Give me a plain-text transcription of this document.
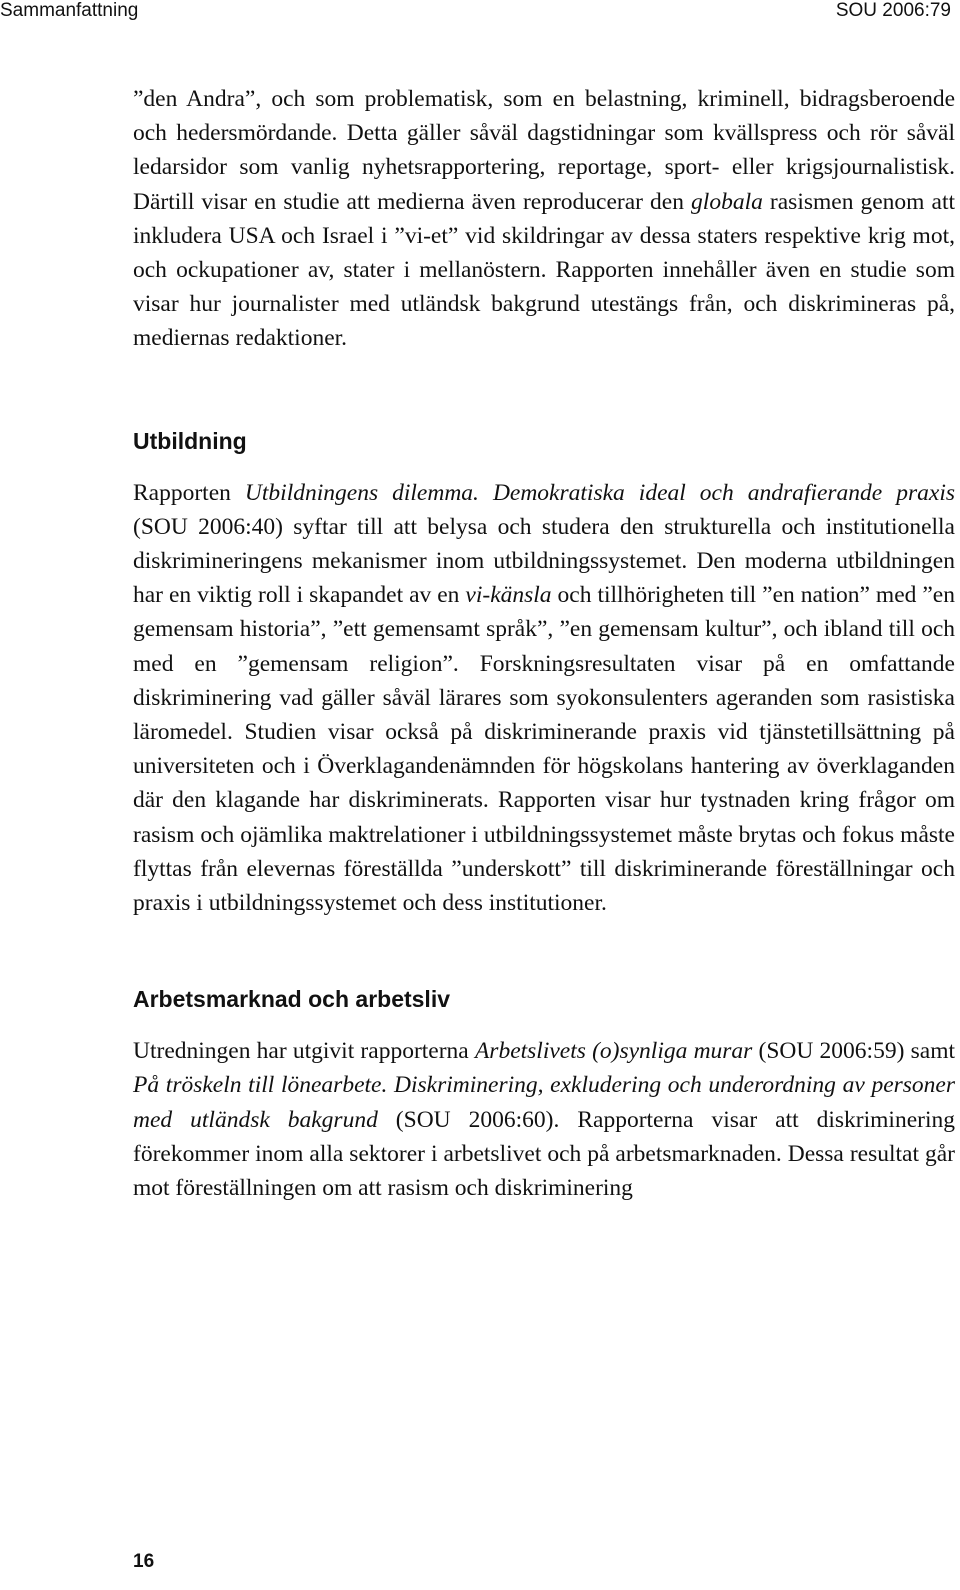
Sammanfattning	SOU 2006:79

”den Andra”, och som problematisk, som en belastning, kriminell, bidragsberoende och hedersmördande. Detta gäller såväl dagstidningar som kvällspress och rör såväl ledarsidor som vanlig nyhetsrapportering, reportage, sport- eller krigsjournalistisk. Därtill visar en studie att medierna även reproducerar den globala rasismen genom att inkludera USA och Israel i ”vi-et” vid skildringar av dessa staters respektive krig mot, och ockupationer av, stater i mellanöstern. Rapporten innehåller även en studie som visar hur journalister med utländsk bakgrund utestängs från, och diskrimineras på, mediernas redaktioner.

Utbildning

Rapporten Utbildningens dilemma. Demokratiska ideal och andrafierande praxis (SOU 2006:40) syftar till att belysa och studera den strukturella och institutionella diskrimineringens mekanismer inom utbildningssystemet. Den moderna utbildningen har en viktig roll i skapandet av en vi-känsla och tillhörigheten till ”en nation” med ”en gemensam historia”, ”ett gemensamt språk”, ”en gemensam kultur”, och ibland till och med en ”gemensam religion”. Forskningsresultaten visar på en omfattande diskriminering vad gäller såväl lärares som syokonsulenters ageranden som rasistiska läromedel. Studien visar också på diskriminerande praxis vid tjänstetillsättning på universiteten och i Överklagandenämnden för högskolans hantering av överklaganden där den klagande har diskriminerats. Rapporten visar hur tystnaden kring frågor om rasism och ojämlika maktrelationer i utbildningssystemet måste brytas och fokus måste flyttas från elevernas föreställda ”underskott” till diskriminerande föreställningar och praxis i utbildningssystemet och dess institutioner.

Arbetsmarknad och arbetsliv

Utredningen har utgivit rapporterna Arbetslivets (o)synliga murar (SOU 2006:59) samt På tröskeln till lönearbete. Diskriminering, exkludering och underordning av personer med utländsk bakgrund (SOU 2006:60). Rapporterna visar att diskriminering förekommer inom alla sektorer i arbetslivet och på arbetsmarknaden. Dessa resultat går mot föreställningen om att rasism och diskriminering

16
